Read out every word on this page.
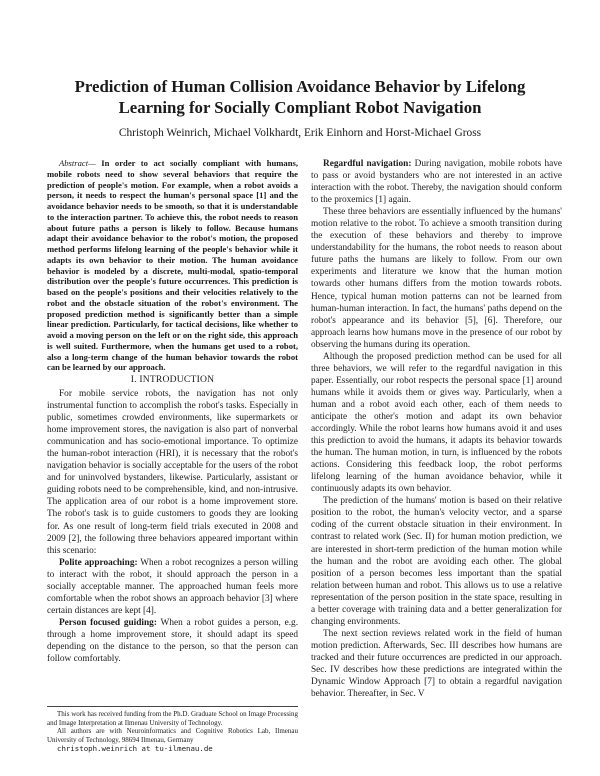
Prediction of Human Collision Avoidance Behavior by Lifelong
Learning for Socially Compliant Robot Navigation
Christoph Weinrich, Michael Volkhardt, Erik Einhorn and Horst-Michael Gross

Abstract— In order to act socially compliant with humans, mobile robots need to show several behaviors that require the prediction of people's motion. For example, when a robot avoids a person, it needs to respect the human's personal space [1] and the avoidance behavior needs to be smooth, so that it is understandable to the interaction partner. To achieve this, the robot needs to reason about future paths a person is likely to follow. Because humans adapt their avoidance behavior to the robot's motion, the proposed method performs lifelong learning of the people's behavior while it adapts its own behavior to their motion. The human avoidance behavior is modeled by a discrete, multi-modal, spatio-temporal distribution over the people's future occurrences. This prediction is based on the people's positions and their velocities relatively to the robot and the obstacle situation of the robot's environment. The proposed prediction method is significantly better than a simple linear prediction. Particularly, for tactical decisions, like whether to avoid a moving person on the left or on the right side, this approach is well suited. Furthermore, when the humans get used to a robot, also a long-term change of the human behavior towards the robot can be learned by our approach.

I. INTRODUCTION

For mobile service robots, the navigation has not only instrumental function to accomplish the robot's tasks. Especially in public, sometimes crowded environments, like supermarkets or home improvement stores, the navigation is also part of nonverbal communication and has socio-emotional importance. To optimize the human-robot interaction (HRI), it is necessary that the robot's navigation behavior is socially acceptable for the users of the robot and for uninvolved bystanders, likewise. Particularly, assistant or guiding robots need to be comprehensible, kind, and non-intrusive. The application area of our robot is a home improvement store. The robot's task is to guide customers to goods they are looking for. As one result of long-term field trials executed in 2008 and 2009 [2], the following three behaviors appeared important within this scenario:

Polite approaching: When a robot recognizes a person willing to interact with the robot, it should approach the person in a socially acceptable manner. The approached human feels more comfortable when the robot shows an approach behavior [3] where certain distances are kept [4].

Person focused guiding: When a robot guides a person, e.g. through a home improvement store, it should adapt its speed depending on the distance to the person, so that the person can follow comfortably.

This work has received funding from the Ph.D. Graduate School on Image Processing and Image Interpretation at Ilmenau University of Technology.

All authors are with Neuroinformatics and Cognitive Robotics Lab, Ilmenau University of Technology, 98694 Ilmenau, Germany

christoph.weinrich at tu-ilmenau.de

Regardful navigation: During navigation, mobile robots have to pass or avoid bystanders who are not interested in an active interaction with the robot. Thereby, the navigation should conform to the proxemics [1] again.

These three behaviors are essentially influenced by the humans' motion relative to the robot. To achieve a smooth transition during the execution of these behaviors and thereby to improve understandability for the humans, the robot needs to reason about future paths the humans are likely to follow. From our own experiments and literature we know that the human motion towards other humans differs from the motion towards robots. Hence, typical human motion patterns can not be learned from human-human interaction. In fact, the humans' paths depend on the robot's appearance and its behavior [5], [6]. Therefore, our approach learns how humans move in the presence of our robot by observing the humans during its operation.

Although the proposed prediction method can be used for all three behaviors, we will refer to the regardful navigation in this paper. Essentially, our robot respects the personal space [1] around humans while it avoids them or gives way. Particularly, when a human and a robot avoid each other, each of them needs to anticipate the other's motion and adapt its own behavior accordingly. While the robot learns how humans avoid it and uses this prediction to avoid the humans, it adapts its behavior towards the human. The human motion, in turn, is influenced by the robots actions. Considering this feedback loop, the robot performs lifelong learning of the human avoidance behavior, while it continuously adapts its own behavior.

The prediction of the humans' motion is based on their relative position to the robot, the human's velocity vector, and a sparse coding of the current obstacle situation in their environment. In contrast to related work (Sec. II) for human motion prediction, we are interested in short-term prediction of the human motion while the human and the robot are avoiding each other. The global position of a person becomes less important than the spatial relation between human and robot. This allows us to use a relative representation of the person position in the state space, resulting in a better coverage with training data and a better generalization for changing environments.

The next section reviews related work in the field of human motion prediction. Afterwards, Sec. III describes how humans are tracked and their future occurrences are predicted in our approach. Sec. IV describes how these predictions are integrated within the Dynamic Window Approach [7] to obtain a regardful navigation behavior. Thereafter, in Sec. V
